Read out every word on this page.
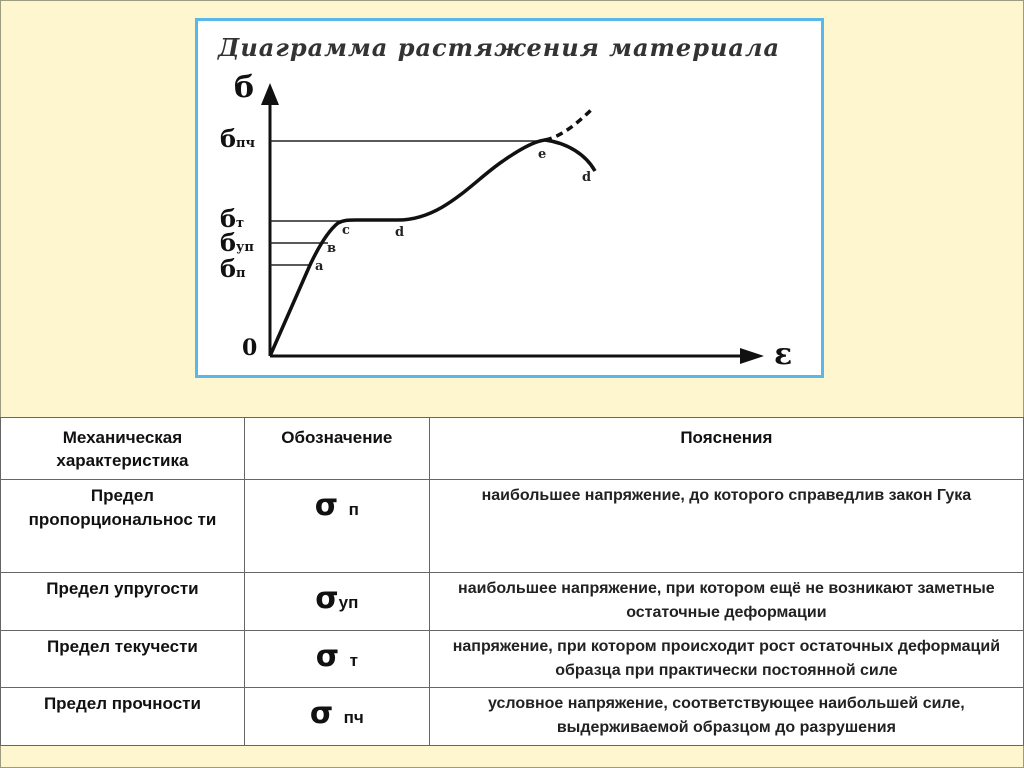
Диаграмма растяжения материала
б
ε
0
бпч
бт
буп
бп	a
в
c	d
e
d
Механическая характеристика	Обозначение	Пояснения
Предел пропорциональнос ти	σ п	наибольшее напряжение, до которого справедлив закон Гука
Предел упругости	σуп	наибольшее напряжение, при котором ещё не возникают заметные остаточные деформации
Предел текучести	σ т	напряжение, при котором происходит рост остаточных деформаций образца при практически постоянной силе
Предел прочности	σ пч	условное напряжение, соответствующее наибольшей силе, выдерживаемой образцом до разрушения
